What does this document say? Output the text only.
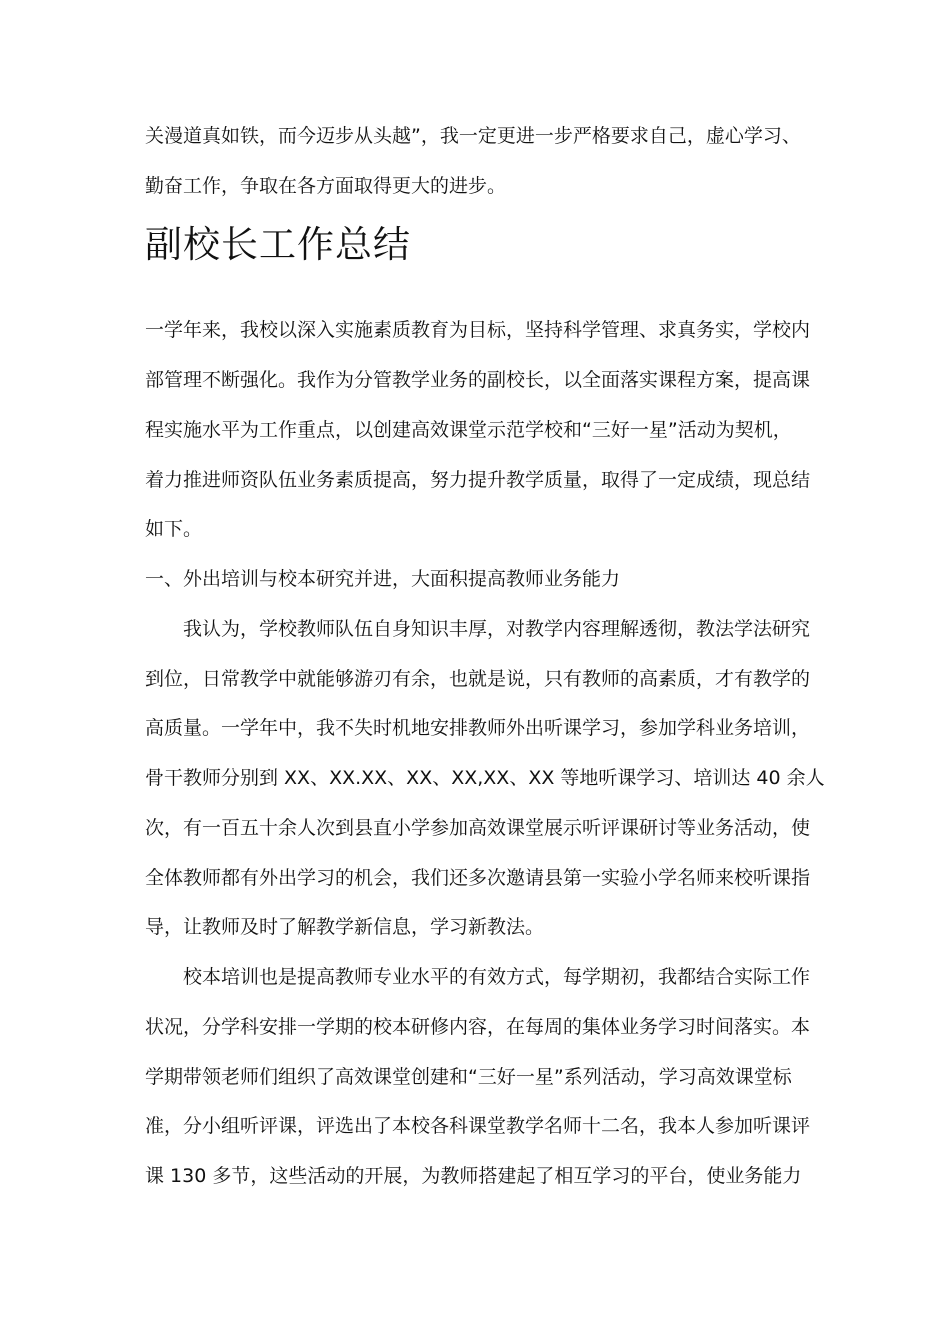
关漫道真如铁，而今迈步从头越”，我一定更进一步严格要求自己，虚心学习、
勤奋工作，争取在各方面取得更大的进步。
副校长工作总结
一学年来，我校以深入实施素质教育为目标，坚持科学管理、求真务实，学校内
部管理不断强化。我作为分管教学业务的副校长，以全面落实课程方案，提高课
程实施水平为工作重点，以创建高效课堂示范学校和“三好一星”活动为契机，
着力推进师资队伍业务素质提高，努力提升教学质量，取得了一定成绩，现总结
如下。
一、外出培训与校本研究并进，大面积提高教师业务能力
我认为，学校教师队伍自身知识丰厚，对教学内容理解透彻，教法学法研究
到位，日常教学中就能够游刃有余，也就是说，只有教师的高素质，才有教学的
高质量。一学年中，我不失时机地安排教师外出听课学习，参加学科业务培训，
骨干教师分别到 XX、XX.XX、XX、XX,XX、XX 等地听课学习、培训达 40 余人
次，有一百五十余人次到县直小学参加高效课堂展示听评课研讨等业务活动，使
全体教师都有外出学习的机会，我们还多次邀请县第一实验小学名师来校听课指
导，让教师及时了解教学新信息，学习新教法。
校本培训也是提高教师专业水平的有效方式，每学期初，我都结合实际工作
状况，分学科安排一学期的校本研修内容，在每周的集体业务学习时间落实。本
学期带领老师们组织了高效课堂创建和“三好一星”系列活动，学习高效课堂标
准，分小组听评课，评选出了本校各科课堂教学名师十二名，我本人参加听课评
课 130 多节，这些活动的开展，为教师搭建起了相互学习的平台，使业务能力
